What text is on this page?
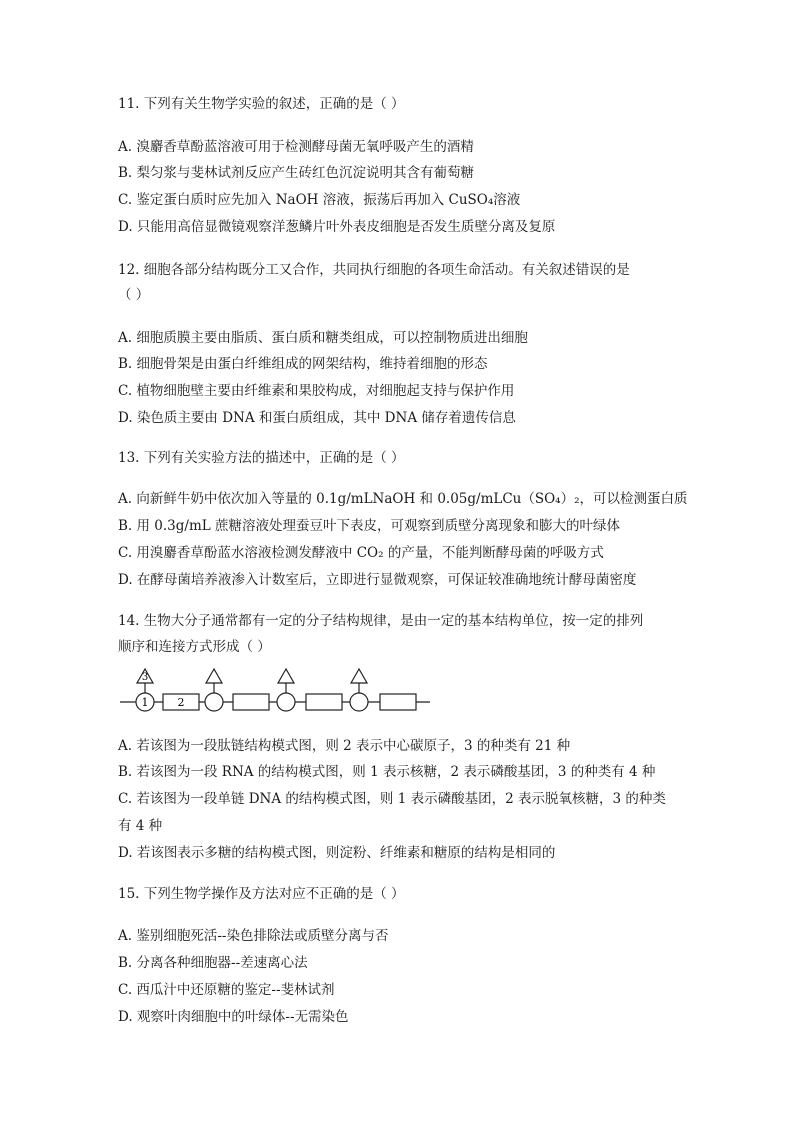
11. 下列有关生物学实验的叙述，正确的是（ ）
A. 溴麝香草酚蓝溶液可用于检测酵母菌无氧呼吸产生的酒精
B. 梨匀浆与斐林试剂反应产生砖红色沉淀说明其含有葡萄糖
C. 鉴定蛋白质时应先加入 NaOH 溶液，振荡后再加入 CuSO₄溶液
D. 只能用高倍显微镜观察洋葱鳞片叶外表皮细胞是否发生质壁分离及复原
12. 细胞各部分结构既分工又合作，共同执行细胞的各项生命活动。有关叙述错误的是
（ ）
A. 细胞质膜主要由脂质、蛋白质和糖类组成，可以控制物质进出细胞
B. 细胞骨架是由蛋白纤维组成的网架结构，维持着细胞的形态
C. 植物细胞壁主要由纤维素和果胶构成，对细胞起支持与保护作用
D. 染色质主要由 DNA 和蛋白质组成，其中 DNA 储存着遗传信息
13. 下列有关实验方法的描述中，正确的是（ ）
A. 向新鲜牛奶中依次加入等量的 0.1g/mLNaOH 和 0.05g/mLCu（SO₄）₂，可以检测蛋白质
B. 用 0.3g/mL 蔗糖溶液处理蚕豆叶下表皮，可观察到质壁分离现象和膨大的叶绿体
C. 用溴麝香草酚蓝水溶液检测发酵液中 CO₂ 的产量，不能判断酵母菌的呼吸方式
D. 在酵母菌培养液渗入计数室后，立即进行显微观察，可保证较准确地统计酵母菌密度
14. 生物大分子通常都有一定的分子结构规律，是由一定的基本结构单位，按一定的排列
顺序和连接方式形成（ ）
3
1	2
A. 若该图为一段肽链结构模式图，则 2 表示中心碳原子，3 的种类有 21 种
B. 若该图为一段 RNA 的结构模式图，则 1 表示核糖，2 表示磷酸基团，3 的种类有 4 种
C. 若该图为一段单链 DNA 的结构模式图，则 1 表示磷酸基团，2 表示脱氧核糖，3 的种类
有 4 种
D. 若该图表示多糖的结构模式图，则淀粉、纤维素和糖原的结构是相同的
15. 下列生物学操作及方法对应不正确的是（ ）
A. 鉴别细胞死活--染色排除法或质壁分离与否
B. 分离各种细胞器--差速离心法
C. 西瓜汁中还原糖的鉴定--斐林试剂
D. 观察叶肉细胞中的叶绿体--无需染色
